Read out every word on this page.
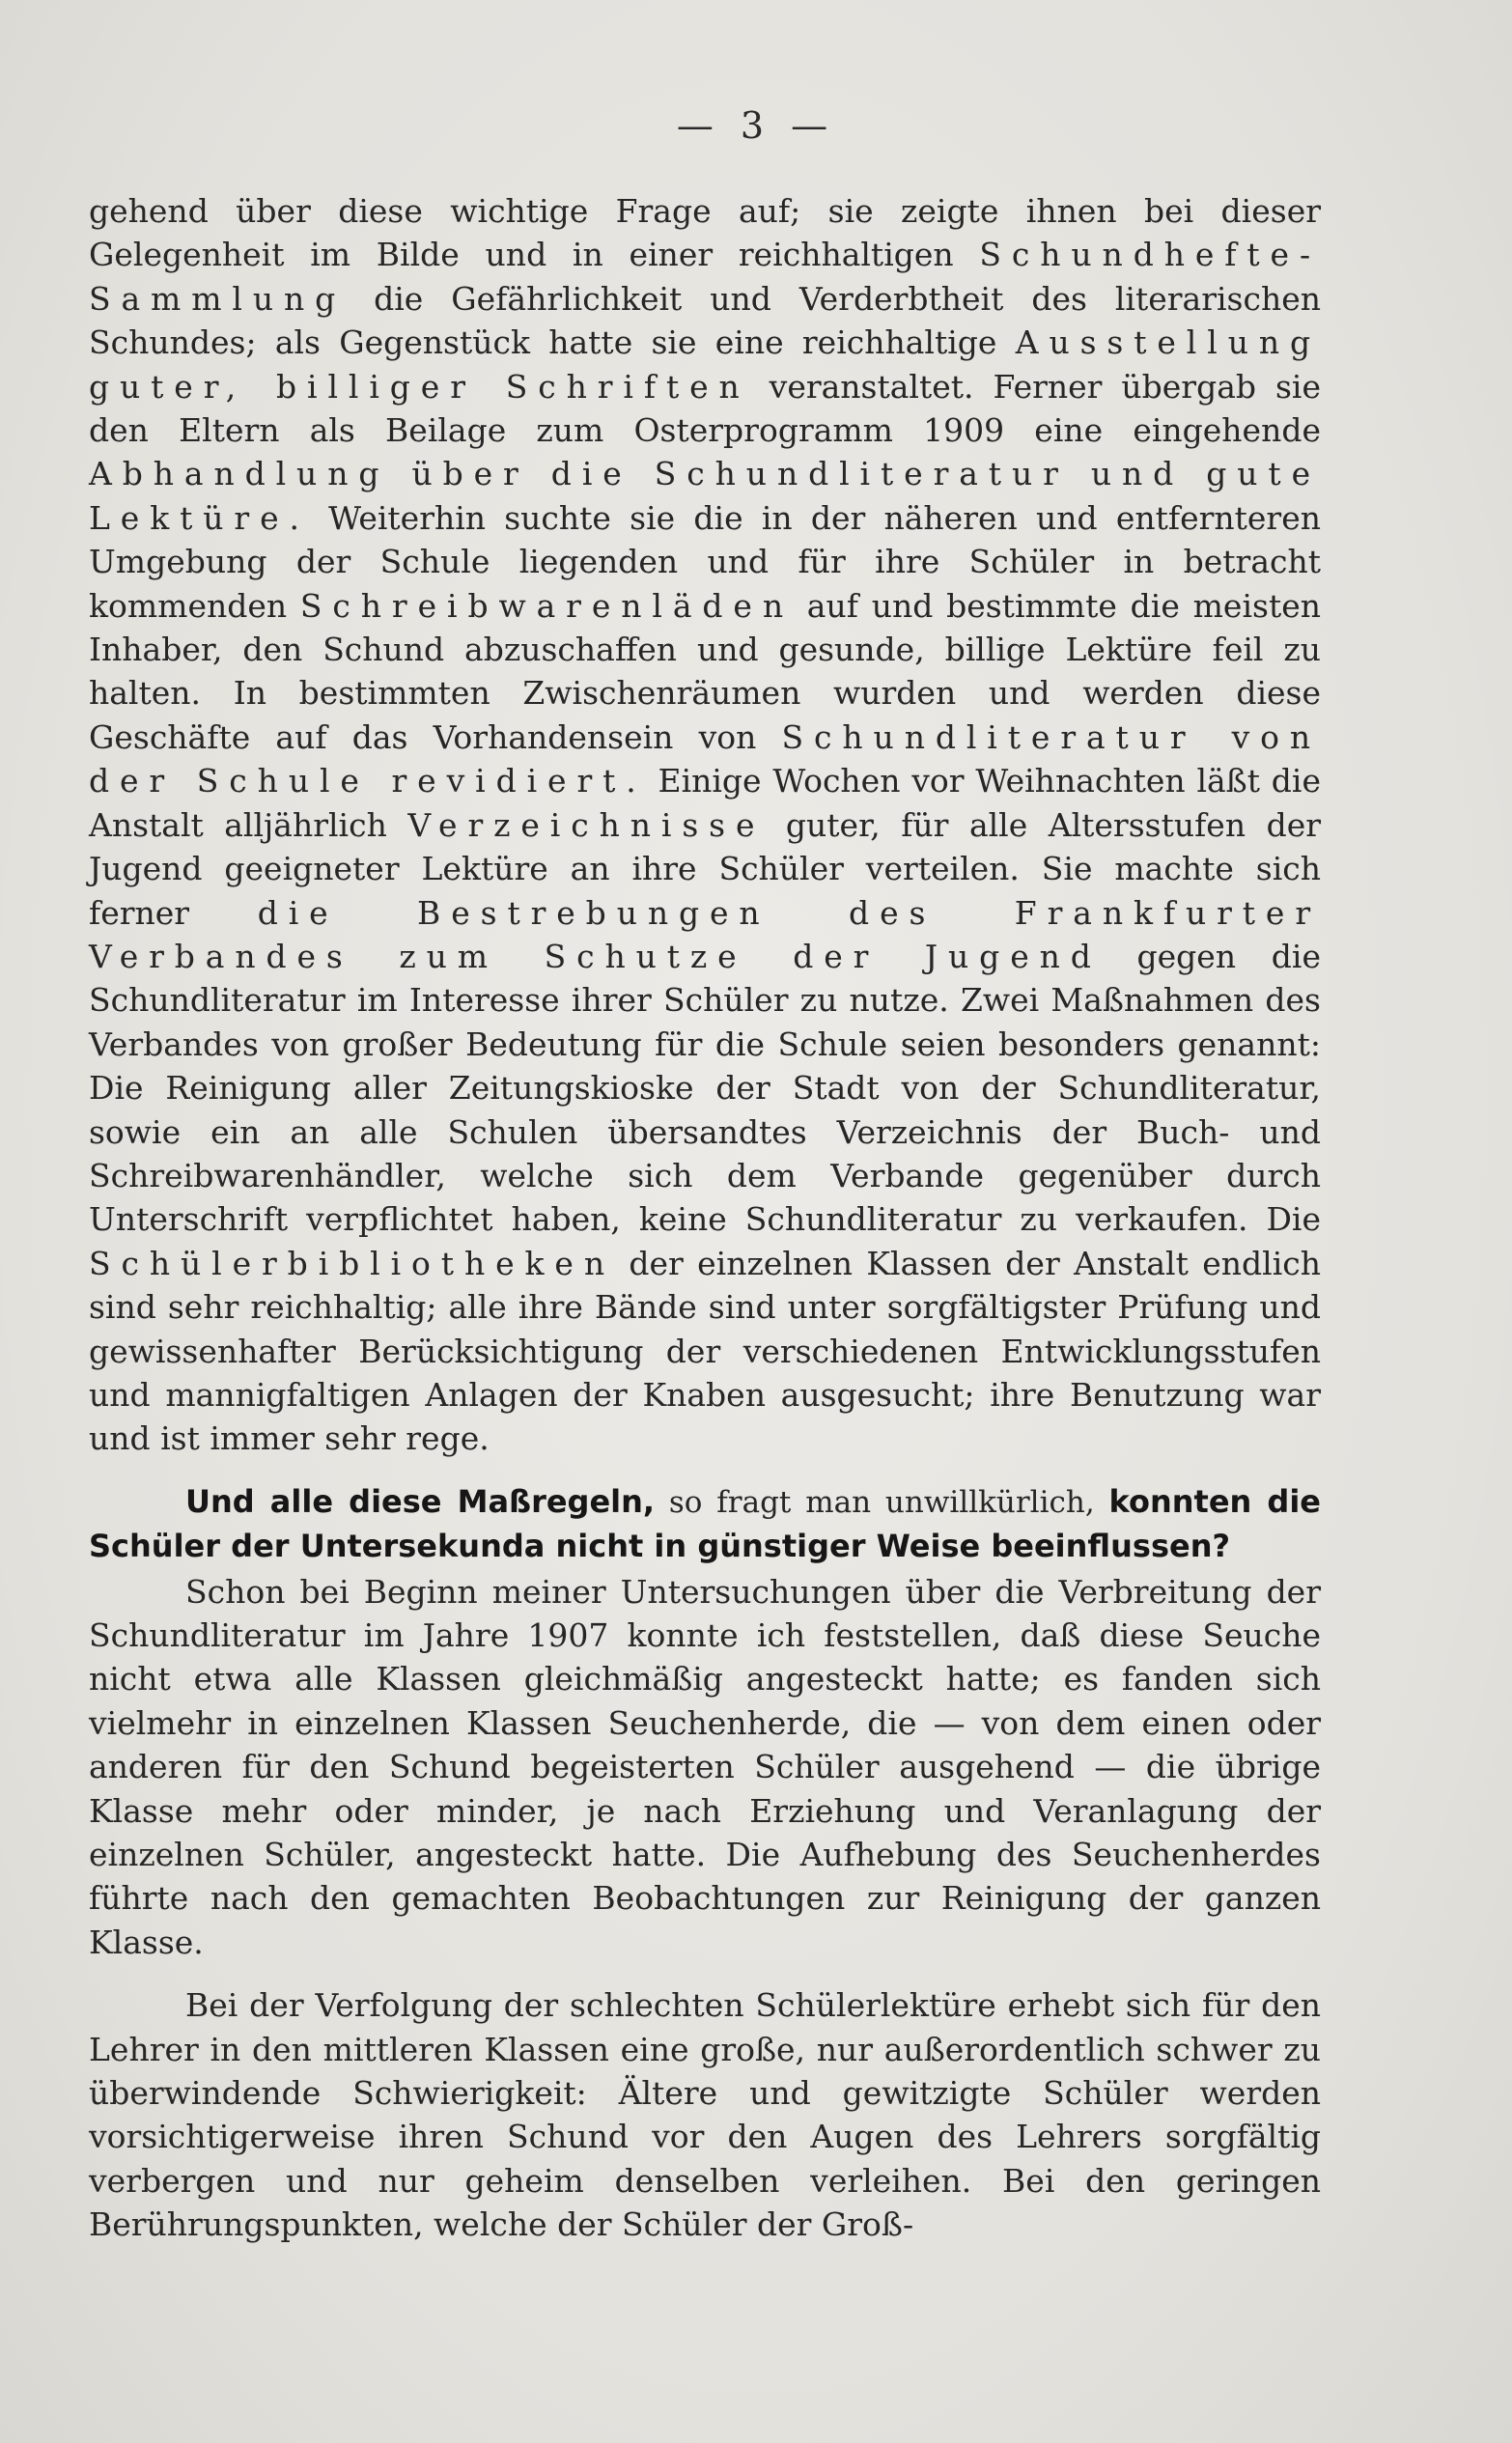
— 3 —

gehend über diese wichtige Frage auf; sie zeigte ihnen bei dieser Gelegenheit im Bilde und in einer reichhaltigen Schundhefte-Sammlung die Gefährlichkeit und Verderbtheit des literarischen Schundes; als Gegenstück hatte sie eine reichhaltige Ausstellung guter, billiger Schriften veranstaltet. Ferner übergab sie den Eltern als Beilage zum Osterprogramm 1909 eine eingehende Abhandlung über die Schundliteratur und gute Lektüre. Weiterhin suchte sie die in der näheren und entfernteren Umgebung der Schule liegenden und für ihre Schüler in betracht kommenden Schreibwarenläden auf und bestimmte die meisten Inhaber, den Schund abzuschaffen und gesunde, billige Lektüre feil zu halten. In bestimmten Zwischenräumen wurden und werden diese Geschäfte auf das Vorhandensein von Schundliteratur von der Schule revidiert. Einige Wochen vor Weihnachten läßt die Anstalt alljährlich Verzeichnisse guter, für alle Altersstufen der Jugend geeigneter Lektüre an ihre Schüler verteilen. Sie machte sich ferner die Bestrebungen des Frankfurter Verbandes zum Schutze der Jugend gegen die Schundliteratur im Interesse ihrer Schüler zu nutze. Zwei Maßnahmen des Verbandes von großer Bedeutung für die Schule seien besonders genannt: Die Reinigung aller Zeitungskioske der Stadt von der Schundliteratur, sowie ein an alle Schulen übersandtes Verzeichnis der Buch- und Schreibwarenhändler, welche sich dem Verbande gegenüber durch Unterschrift verpflichtet haben, keine Schundliteratur zu verkaufen. Die Schülerbibliotheken der einzelnen Klassen der Anstalt endlich sind sehr reichhaltig; alle ihre Bände sind unter sorgfältigster Prüfung und gewissenhafter Berücksichtigung der verschiedenen Entwicklungsstufen und mannigfaltigen Anlagen der Knaben ausgesucht; ihre Benutzung war und ist immer sehr rege.

Und alle diese Maßregeln, so fragt man unwillkürlich, konnten die Schüler der Untersekunda nicht in günstiger Weise beeinflussen?

Schon bei Beginn meiner Untersuchungen über die Verbreitung der Schundliteratur im Jahre 1907 konnte ich feststellen, daß diese Seuche nicht etwa alle Klassen gleichmäßig angesteckt hatte; es fanden sich vielmehr in einzelnen Klassen Seuchenherde, die — von dem einen oder anderen für den Schund begeisterten Schüler ausgehend — die übrige Klasse mehr oder minder, je nach Erziehung und Veranlagung der einzelnen Schüler, angesteckt hatte. Die Aufhebung des Seuchenherdes führte nach den gemachten Beobachtungen zur Reinigung der ganzen Klasse.

Bei der Verfolgung der schlechten Schülerlektüre erhebt sich für den Lehrer in den mittleren Klassen eine große, nur außerordentlich schwer zu überwindende Schwierigkeit: Ältere und gewitzigte Schüler werden vorsichtigerweise ihren Schund vor den Augen des Lehrers sorgfältig verbergen und nur geheim denselben verleihen. Bei den geringen Berührungspunkten, welche der Schüler der Groß-
